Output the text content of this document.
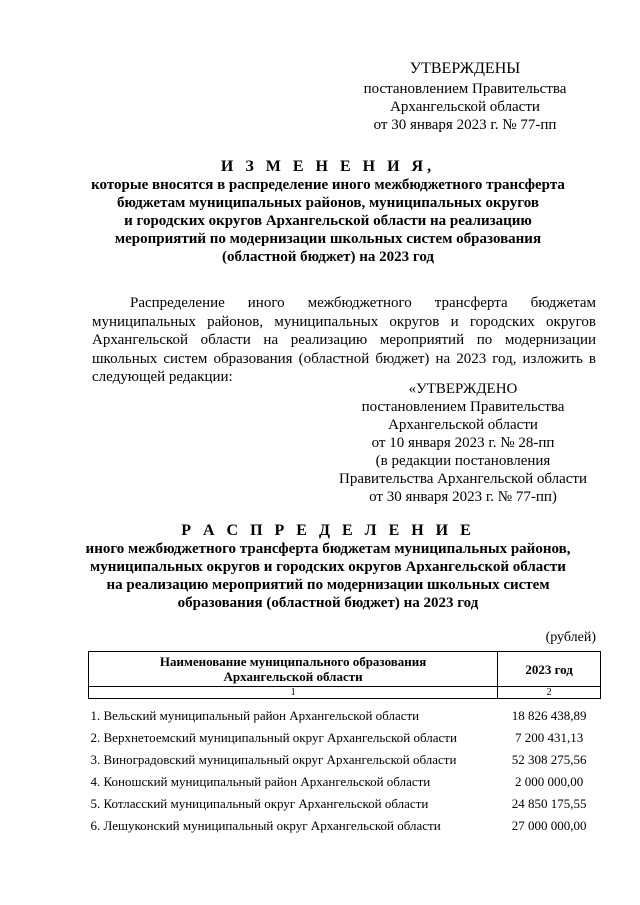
УТВЕРЖДЕНЫ
постановлением Правительства
Архангельской области
от 30 января 2023 г. № 77-пп
И З М Е Н Е Н И Я,
которые вносятся в распределение иного межбюджетного трансферта
бюджетам муниципальных районов, муниципальных округов
и городских округов Архангельской области на реализацию
мероприятий по модернизации школьных систем образования
(областной бюджет) на 2023 год
Распределение иного межбюджетного трансферта бюджетам муниципальных районов, муниципальных округов и городских округов Архангельской области на реализацию мероприятий по модернизации школьных систем образования (областной бюджет) на 2023 год, изложить в следующей редакции:
«УТВЕРЖДЕНО
постановлением Правительства
Архангельской области
от 10 января 2023 г. № 28-пп
(в редакции постановления
Правительства Архангельской области
от 30 января 2023 г. № 77-пп)
Р А С П Р Е Д Е Л Е Н И Е
иного межбюджетного трансферта бюджетам муниципальных районов,
муниципальных округов и городских округов Архангельской области
на реализацию мероприятий по модернизации школьных систем
образования (областной бюджет) на 2023 год
(рублей)
Наименование муниципального образования
Архангельской области	2023 год
1	2
1. Вельский муниципальный район Архангельской области	18 826 438,89
2. Верхнетоемский муниципальный округ Архангельской области	7 200 431,13
3. Виноградовский муниципальный округ Архангельской области	52 308 275,56
4. Коношский муниципальный район Архангельской области	2 000 000,00
5. Котласский муниципальный округ Архангельской области	24 850 175,55
6. Лешуконский муниципальный округ Архангельской области	27 000 000,00
